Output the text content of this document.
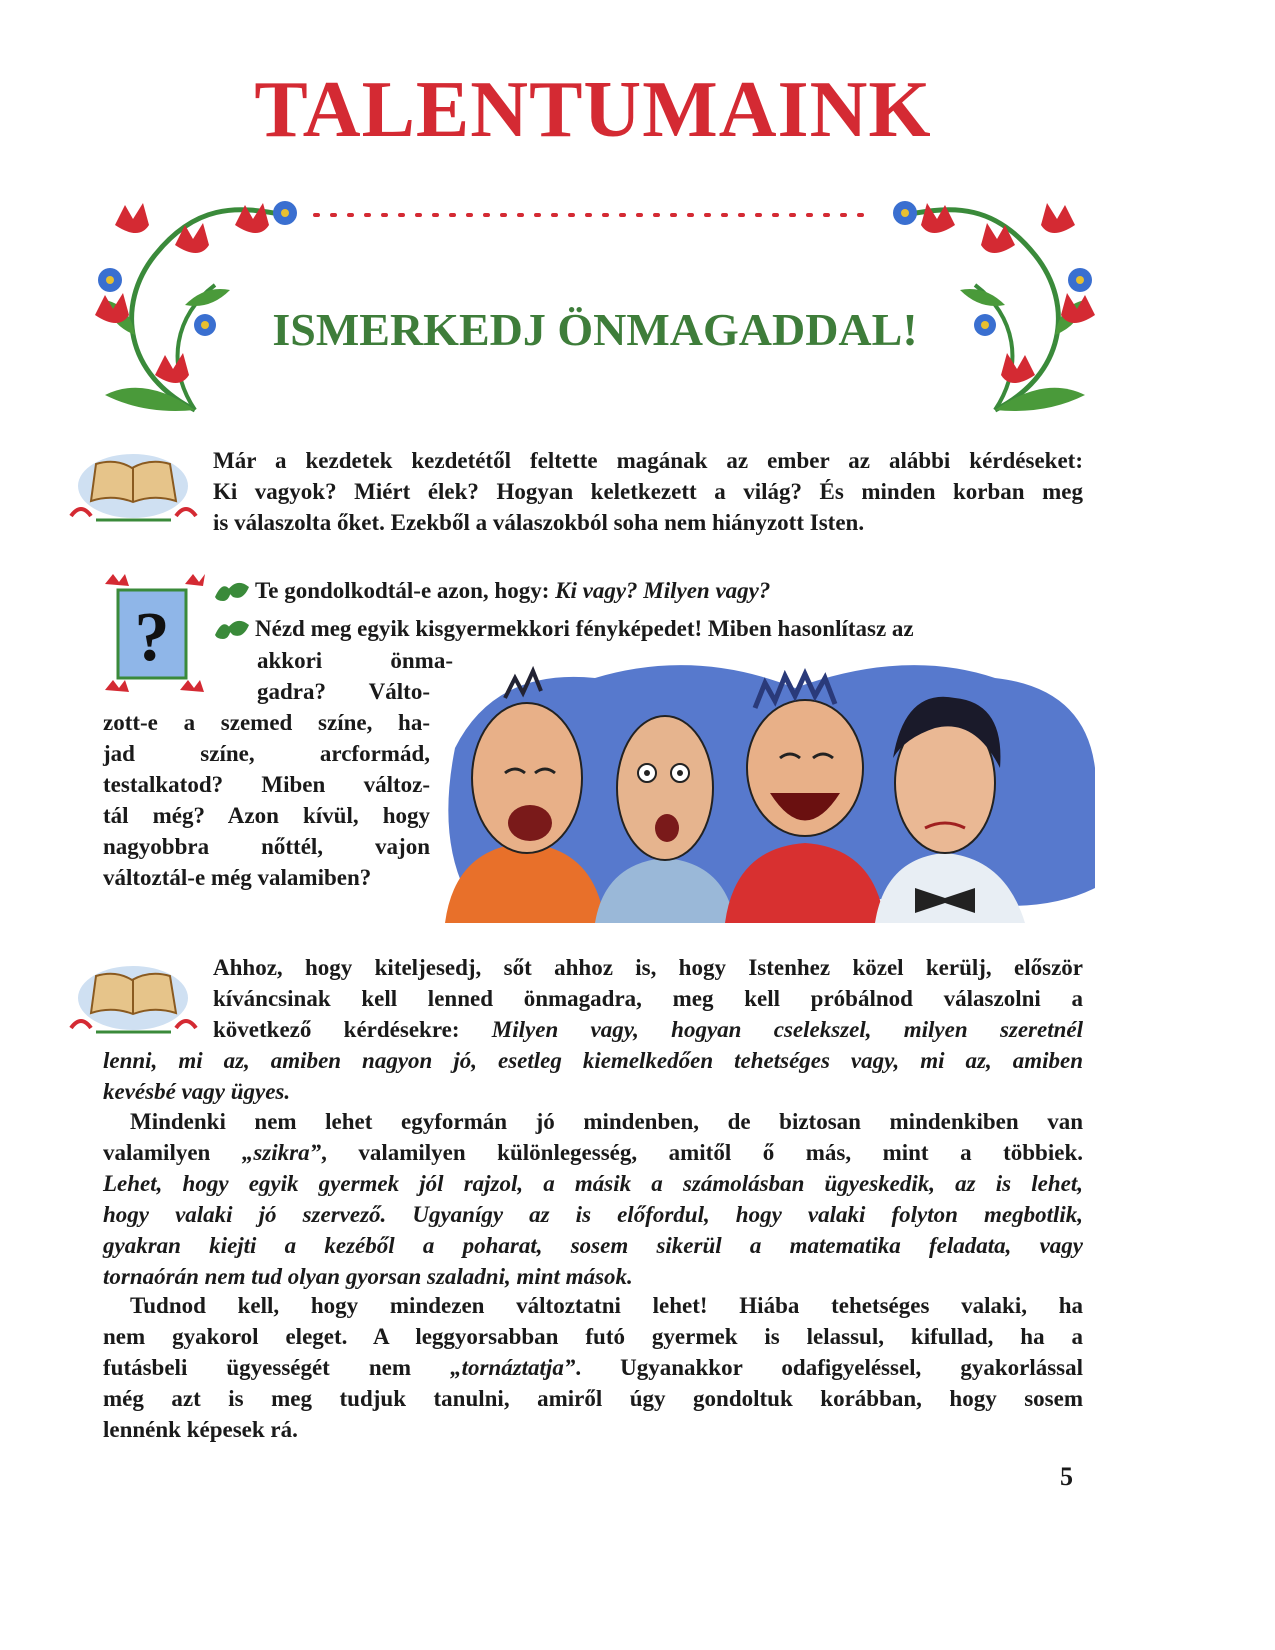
TALENTUMAINK
ISMERKEDJ ÖNMAGADDAL!
?
Már a kezdetek kezdetétől feltette magának az ember az alábbi kérdéseket:
Ki vagyok? Miért élek? Hogyan keletkezett a világ? És minden korban meg
is válaszolta őket. Ezekből a válaszokból soha nem hiányzott Isten.
Te gondolkodtál-e azon, hogy: Ki vagy? Milyen vagy?
Nézd meg egyik kisgyermekkori fényképedet! Miben hasonlítasz az
akkori önma-
gadra? Válto-
zott-e a szemed színe, ha-
jad színe, arcformád,
testalkatod? Miben változ-
tál még? Azon kívül, hogy
nagyobbra nőttél, vajon
változtál-e még valamiben?
Ahhoz, hogy kiteljesedj, sőt ahhoz is, hogy Istenhez közel kerülj, először
kíváncsinak kell lenned önmagadra, meg kell próbálnod válaszolni a
következő kérdésekre: Milyen vagy, hogyan cselekszel, milyen szeretnél
lenni, mi az, amiben nagyon jó, esetleg kiemelkedően tehetséges vagy, mi az, amiben
kevésbé vagy ügyes.
Mindenki nem lehet egyformán jó mindenben, de biztosan mindenkiben van
valamilyen „szikra”, valamilyen különlegesség, amitől ő más, mint a többiek.
Lehet, hogy egyik gyermek jól rajzol, a másik a számolásban ügyeskedik, az is lehet,
hogy valaki jó szervező. Ugyanígy az is előfordul, hogy valaki folyton megbotlik,
gyakran kiejti a kezéből a poharat, sosem sikerül a matematika feladata, vagy
tornaórán nem tud olyan gyorsan szaladni, mint mások.
Tudnod kell, hogy mindezen változtatni lehet! Hiába tehetséges valaki, ha
nem gyakorol eleget. A leggyorsabban futó gyermek is lelassul, kifullad, ha a
futásbeli ügyességét nem „tornáztatja”. Ugyanakkor odafigyeléssel, gyakorlással
még azt is meg tudjuk tanulni, amiről úgy gondoltuk korábban, hogy sosem
lennénk képesek rá.
5
